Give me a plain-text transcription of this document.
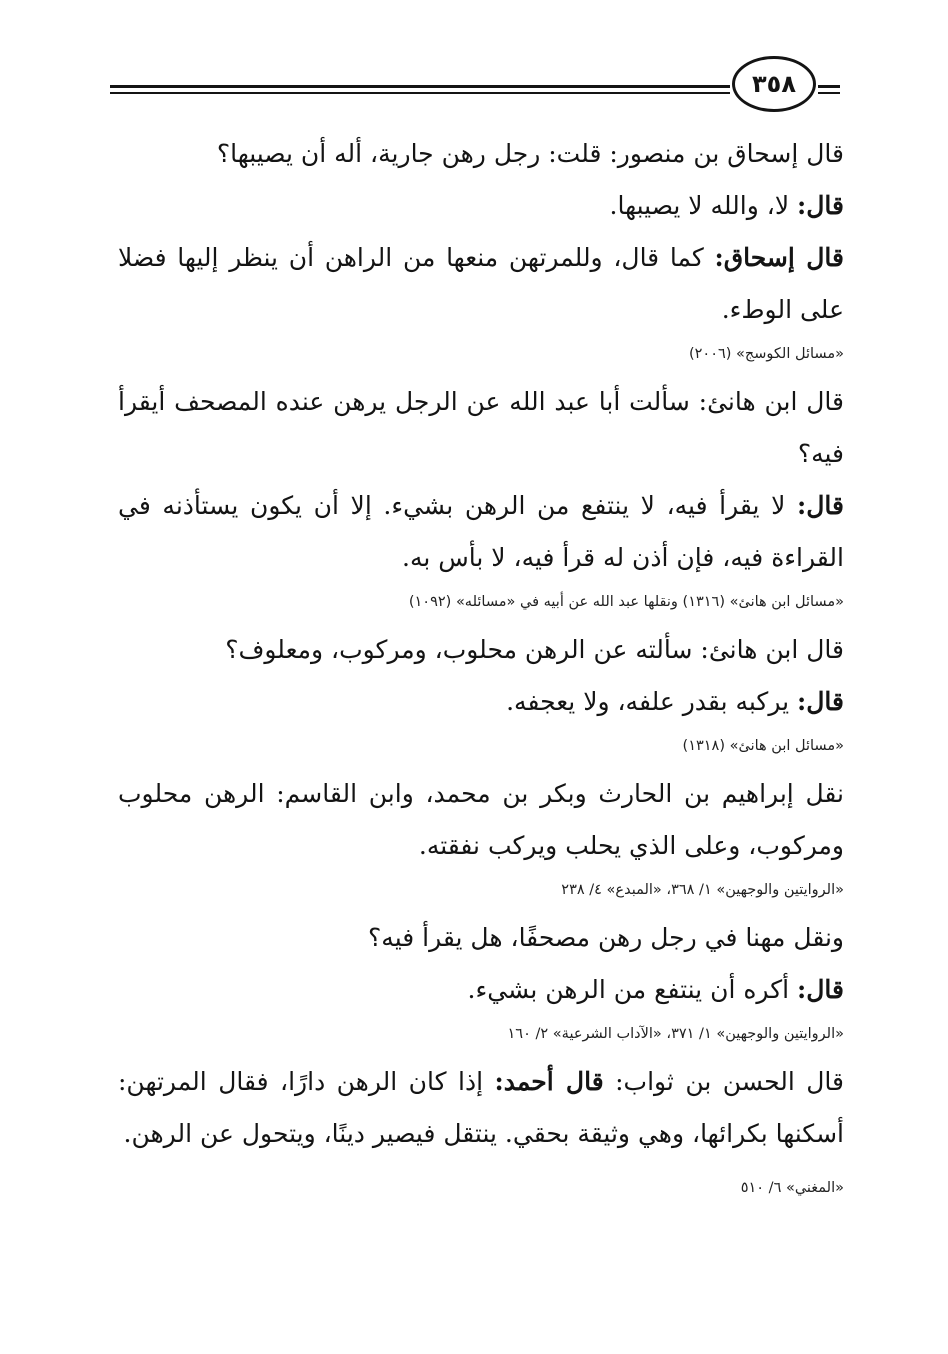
٣٥٨

قال إسحاق بن منصور: قلت: رجل رهن جارية، أله أن يصيبها؟

قال: لا، والله لا يصيبها.

قال إسحاق: كما قال، وللمرتهن منعها من الراهن أن ينظر إليها فضلا على الوطء.

«مسائل الكوسج» (٢٠٠٦)

قال ابن هانئ: سألت أبا عبد الله عن الرجل يرهن عنده المصحف أيقرأ فيه؟

قال: لا يقرأ فيه، لا ينتفع من الرهن بشيء. إلا أن يكون يستأذنه في القراءة فيه، فإن أذن له قرأ فيه، لا بأس به.

«مسائل ابن هانئ» (١٣١٦) ونقلها عبد الله عن أبيه في «مسائله» (١٠٩٢)

قال ابن هانئ: سألته عن الرهن محلوب، ومركوب، ومعلوف؟

قال: يركبه بقدر علفه، ولا يعجفه.

«مسائل ابن هانئ» (١٣١٨)

نقل إبراهيم بن الحارث وبكر بن محمد، وابن القاسم: الرهن محلوب ومركوب، وعلى الذي يحلب ويركب نفقته.

«الروايتين والوجهين» ١/ ٣٦٨، «المبدع» ٤/ ٢٣٨

ونقل مهنا في رجل رهن مصحفًا، هل يقرأ فيه؟

قال: أكره أن ينتفع من الرهن بشيء.

«الروايتين والوجهين» ١/ ٣٧١، «الآداب الشرعية» ٢/ ١٦٠

قال الحسن بن ثواب: قال أحمد: إذا كان الرهن دارًا، فقال المرتهن: أسكنها بكرائها، وهي وثيقة بحقي. ينتقل فيصير دينًا، ويتحول عن الرهن.

«المغني» ٦/ ٥١٠
